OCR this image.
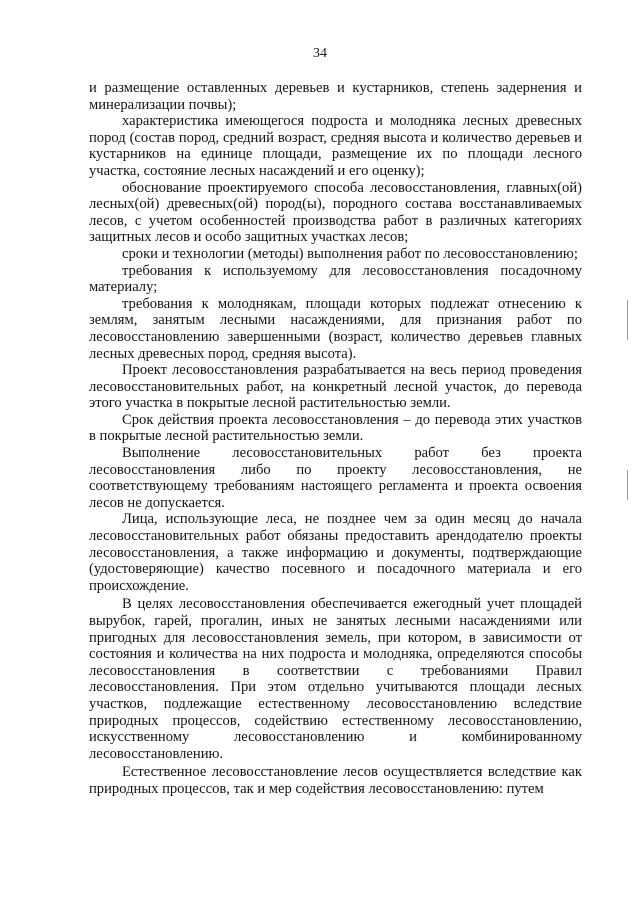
34

и размещение оставленных деревьев и кустарников, степень задернения и минерализации почвы);

характеристика имеющегося подроста и молодняка лесных древесных пород (состав пород, средний возраст, средняя высота и количество деревьев и кустарников на единице площади, размещение их по площади лесного участка, состояние лесных насаждений и его оценку);

обоснование проектируемого способа лесовосстановления, главных(ой) лесных(ой) древесных(ой) пород(ы), породного состава восстанавливаемых лесов, с учетом особенностей производства работ в различных категориях защитных лесов и особо защитных участках лесов;

сроки и технологии (методы) выполнения работ по лесовосстановлению;

требования к используемому для лесовосстановления посадочному материалу;

требования к молоднякам, площади которых подлежат отнесению к землям, занятым лесными насаждениями, для признания работ по лесовосстановлению завершенными (возраст, количество деревьев главных лесных древесных пород, средняя высота).

Проект лесовосстановления разрабатывается на весь период проведения лесовосстановительных работ, на конкретный лесной участок, до перевода этого участка в покрытые лесной растительностью земли.

Срок действия проекта лесовосстановления – до перевода этих участков в покрытые лесной растительностью земли.

Выполнение лесовосстановительных работ без проекта лесовосстановления либо по проекту лесовосстановления, не соответствующему требованиям настоящего регламента и проекта освоения лесов не допускается.

Лица, использующие леса, не позднее чем за один месяц до начала лесовосстановительных работ обязаны предоставить арендодателю проекты лесовосстановления, а также информацию и документы, подтверждающие (удостоверяющие) качество посевного и посадочного материала и его происхождение.

В целях лесовосстановления обеспечивается ежегодный учет площадей вырубок, гарей, прогалин, иных не занятых лесными насаждениями или пригодных для лесовосстановления земель, при котором, в зависимости от состояния и количества на них подроста и молодняка, определяются способы лесовосстановления в соответствии с требованиями Правил лесовосстановления. При этом отдельно учитываются площади лесных участков, подлежащие естественному лесовосстановлению вследствие природных процессов, содействию естественному лесовосстановлению, искусственному лесовосстановлению и комбинированному лесовосстановлению.

Естественное лесовосстановление лесов осуществляется вследствие как природных процессов, так и мер содействия лесовосстановлению: путем
